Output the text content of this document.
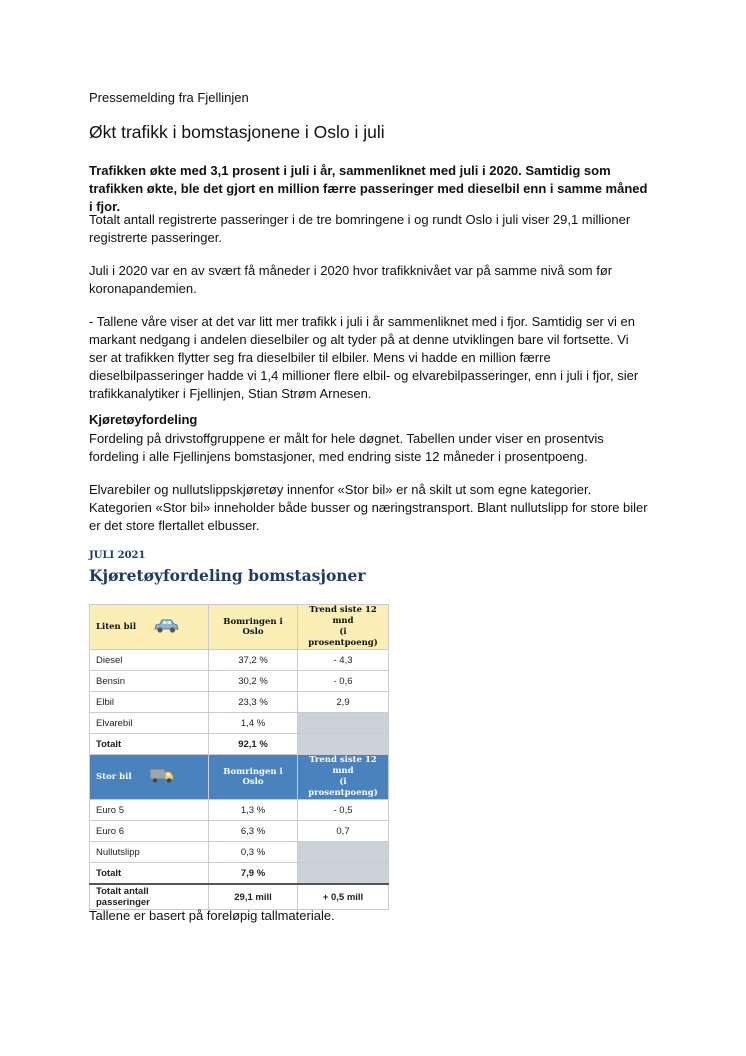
Pressemelding fra Fjellinjen
Økt trafikk i bomstasjonene i Oslo i juli

Trafikken økte med 3,1 prosent i juli i år, sammenliknet med juli i 2020. Samtidig som trafikken økte, ble det gjort en million færre passeringer med dieselbil enn i samme måned i fjor.

Totalt antall registrerte passeringer i de tre bomringene i og rundt Oslo i juli viser 29,1 millioner registrerte passeringer.

Juli i 2020 var en av svært få måneder i 2020 hvor trafikknivået var på samme nivå som før koronapandemien.

- Tallene våre viser at det var litt mer trafikk i juli i år sammenliknet med i fjor. Samtidig ser vi en markant nedgang i andelen dieselbiler og alt tyder på at denne utviklingen bare vil fortsette. Vi ser at trafikken flytter seg fra dieselbiler til elbiler. Mens vi hadde en million færre dieselbilpasseringer hadde vi 1,4 millioner flere elbil- og elvarebilpasseringer, enn i juli i fjor, sier trafikkanalytiker i Fjellinjen, Stian Strøm Arnesen.

Kjøretøyfordeling

Fordeling på drivstoffgruppene er målt for hele døgnet. Tabellen under viser en prosentvis fordeling i alle Fjellinjens bomstasjoner, med endring siste 12 måneder i prosentpoeng.

Elvarebiler og nullutslippskjøretøy innenfor «Stor bil» er nå skilt ut som egne kategorier. Kategorien «Stor bil» inneholder både busser og næringstransport. Blant nullutslipp for store biler er det store flertallet elbusser.

JULI 2021
Kjøretøyfordeling bomstasjoner
Liten bil	Bomringen i Oslo	Trend siste 12 mnd
(i prosentpoeng)

Diesel	37,2 %	- 4,3
Bensin	30,2 %	- 0,6
Elbil	23,3 %	2,9
Elvarebil	1,4 %	
Totalt	92,1 %	
Stor bil	Bomringen i Oslo	Trend siste 12 mnd
(i prosentpoeng)

Euro 5	1,3 %	- 0,5
Euro 6	6,3 %	0,7
Nullutslipp	0,3 %	
Totalt	7,9 %	
Totalt antall passeringer	29,1 mill	+ 0,5 mill
Tallene er basert på foreløpig tallmateriale.
